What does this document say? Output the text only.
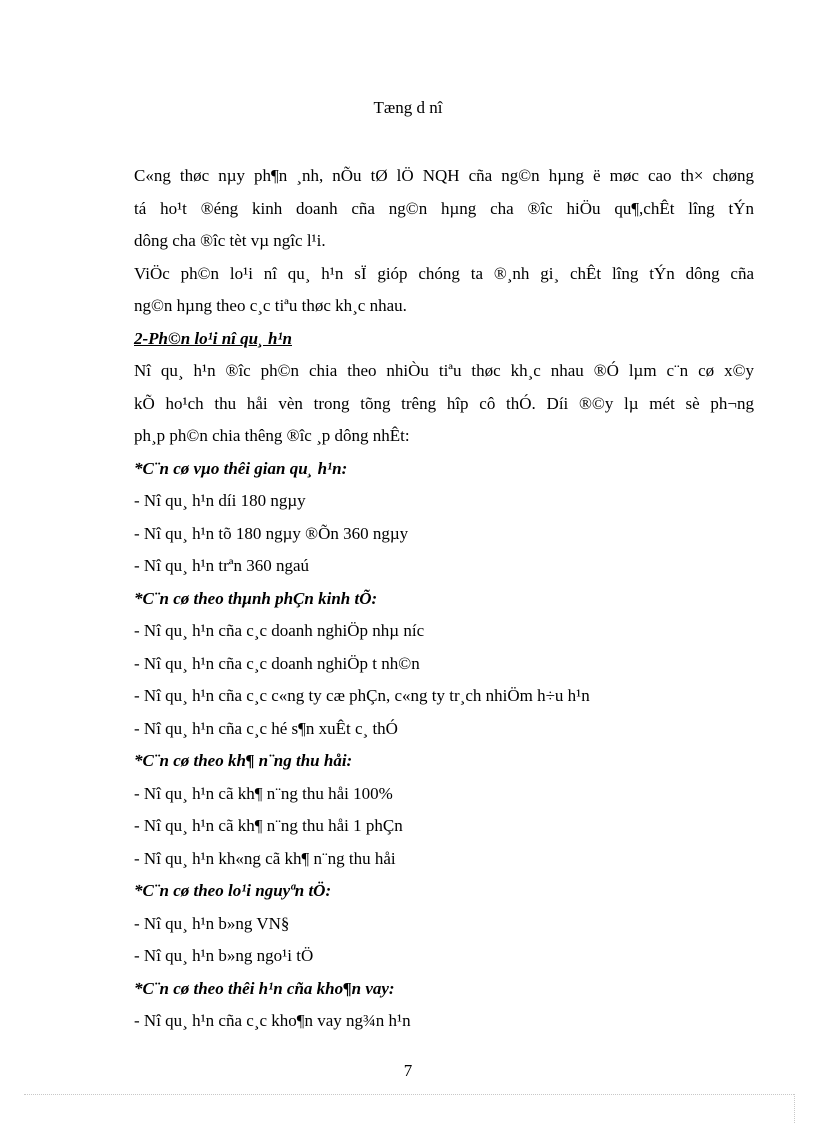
Tæng d nî
C«ng thøc nµy ph¶n ¸nh, nÕu tØ lÖ NQH cña ng©n hµng ë møc cao th× chøng
tá ho¹t ®éng kinh doanh cña ng©n hµng cha ®îc hiÖu qu¶,chÊt lîng tÝn
dông cha ®îc tèt vµ ngîc l¹i.
ViÖc ph©n lo¹i nî qu¸ h¹n sÏ gióp chóng ta ®¸nh gi¸ chÊt lîng tÝn dông cña
ng©n hµng theo c¸c tiªu thøc kh¸c nhau.
2-Ph©n lo¹i nî qu¸ h¹n
Nî qu¸ h¹n ®îc ph©n chia theo nhiÒu tiªu thøc kh¸c nhau ®Ó lµm c¨n cø x©y
kÕ ho¹ch thu håi vèn trong tõng trêng hîp cô thÓ. Díi ®©y lµ mét sè ph¬ng
ph¸p ph©n chia thêng ®îc ¸p dông nhÊt:
*C¨n cø vµo thêi gian qu¸ h¹n:
- Nî qu¸ h¹n díi 180 ngµy
- Nî qu¸ h¹n tõ 180 ngµy ®Õn 360 ngµy
- Nî qu¸ h¹n trªn 360 ngaú
*C¨n cø theo thµnh phÇn kinh tÕ:
- Nî qu¸ h¹n cña c¸c doanh nghiÖp nhµ níc
- Nî qu¸ h¹n cña c¸c doanh nghiÖp t nh©n
- Nî qu¸ h¹n cña c¸c c«ng ty cæ phÇn, c«ng ty tr¸ch nhiÖm h÷u h¹n
- Nî qu¸ h¹n cña c¸c hé s¶n xuÊt c¸ thÓ
*C¨n cø theo kh¶ n¨ng thu håi:
- Nî qu¸ h¹n cã kh¶ n¨ng thu håi 100%
- Nî qu¸ h¹n cã kh¶ n¨ng thu håi 1 phÇn
- Nî qu¸ h¹n kh«ng cã kh¶ n¨ng thu håi
*C¨n cø theo lo¹i nguyªn tÖ:
- Nî qu¸ h¹n b»ng VN§
- Nî qu¸ h¹n b»ng ngo¹i tÖ
*C¨n cø theo thêi h¹n cña kho¶n vay:
- Nî qu¸ h¹n cña c¸c kho¶n vay ng¾n h¹n
7
